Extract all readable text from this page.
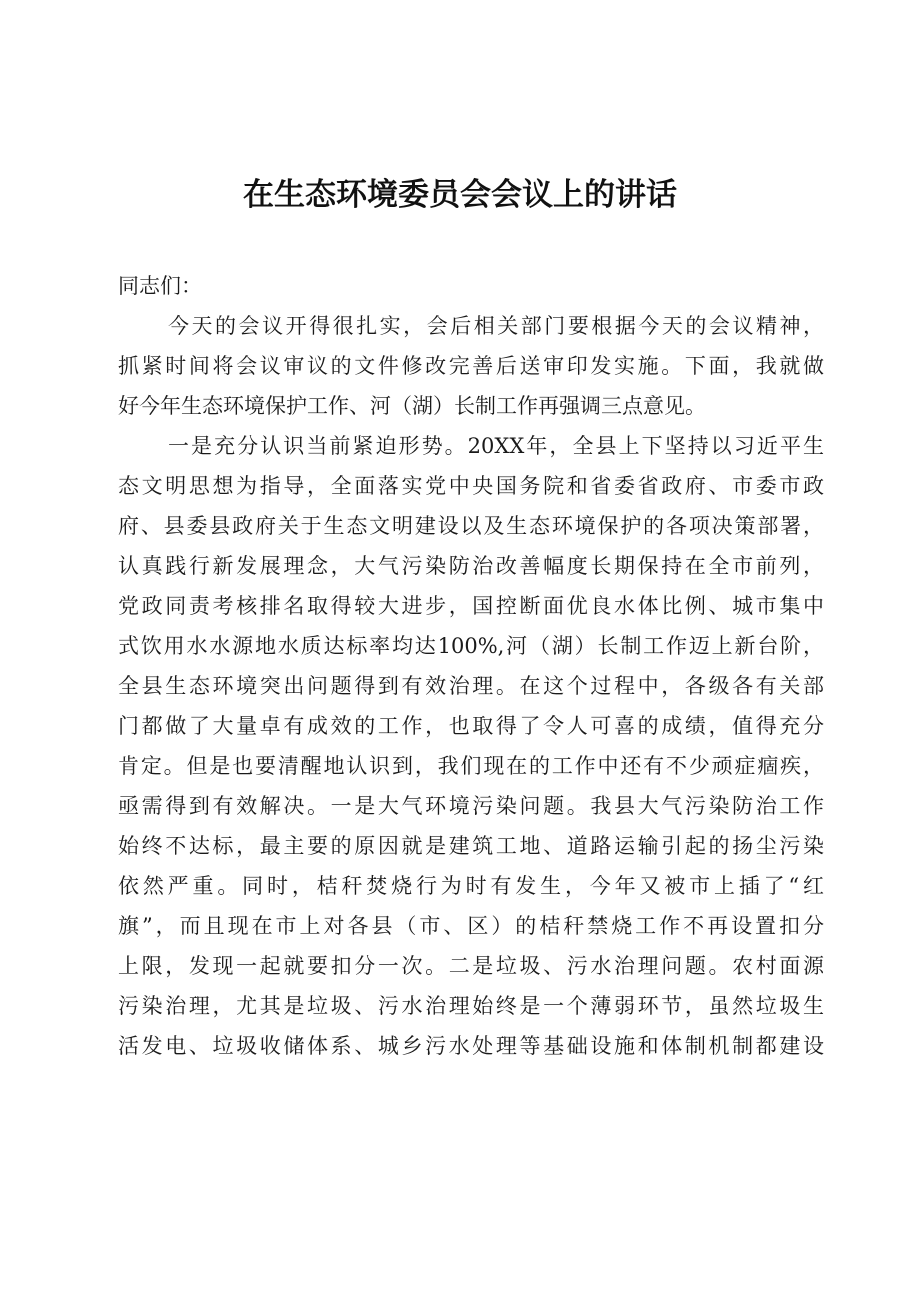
在生态环境委员会会议上的讲话
同志们：
今天的会议开得很扎实，会后相关部门要根据今天的会议精神，
抓紧时间将会议审议的文件修改完善后送审印发实施。下面，我就做
好今年生态环境保护工作、河（湖）长制工作再强调三点意见。
一是充分认识当前紧迫形势。20XX年，全县上下坚持以习近平生
态文明思想为指导，全面落实党中央国务院和省委省政府、市委市政
府、县委县政府关于生态文明建设以及生态环境保护的各项决策部署，
认真践行新发展理念，大气污染防治改善幅度长期保持在全市前列，
党政同责考核排名取得较大进步，国控断面优良水体比例、城市集中
式饮用水水源地水质达标率均达100%,河（湖）长制工作迈上新台阶，
全县生态环境突出问题得到有效治理。在这个过程中，各级各有关部
门都做了大量卓有成效的工作，也取得了令人可喜的成绩，值得充分
肯定。但是也要清醒地认识到，我们现在的工作中还有不少顽症痼疾，
亟需得到有效解决。一是大气环境污染问题。我县大气污染防治工作
始终不达标，最主要的原因就是建筑工地、道路运输引起的扬尘污染
依然严重。同时，桔秆焚烧行为时有发生，今年又被市上插了“红
旗”，而且现在市上对各县（市、区）的桔秆禁烧工作不再设置扣分
上限，发现一起就要扣分一次。二是垃圾、污水治理问题。农村面源
污染治理，尤其是垃圾、污水治理始终是一个薄弱环节，虽然垃圾生
活发电、垃圾收储体系、城乡污水处理等基础设施和体制机制都建设
